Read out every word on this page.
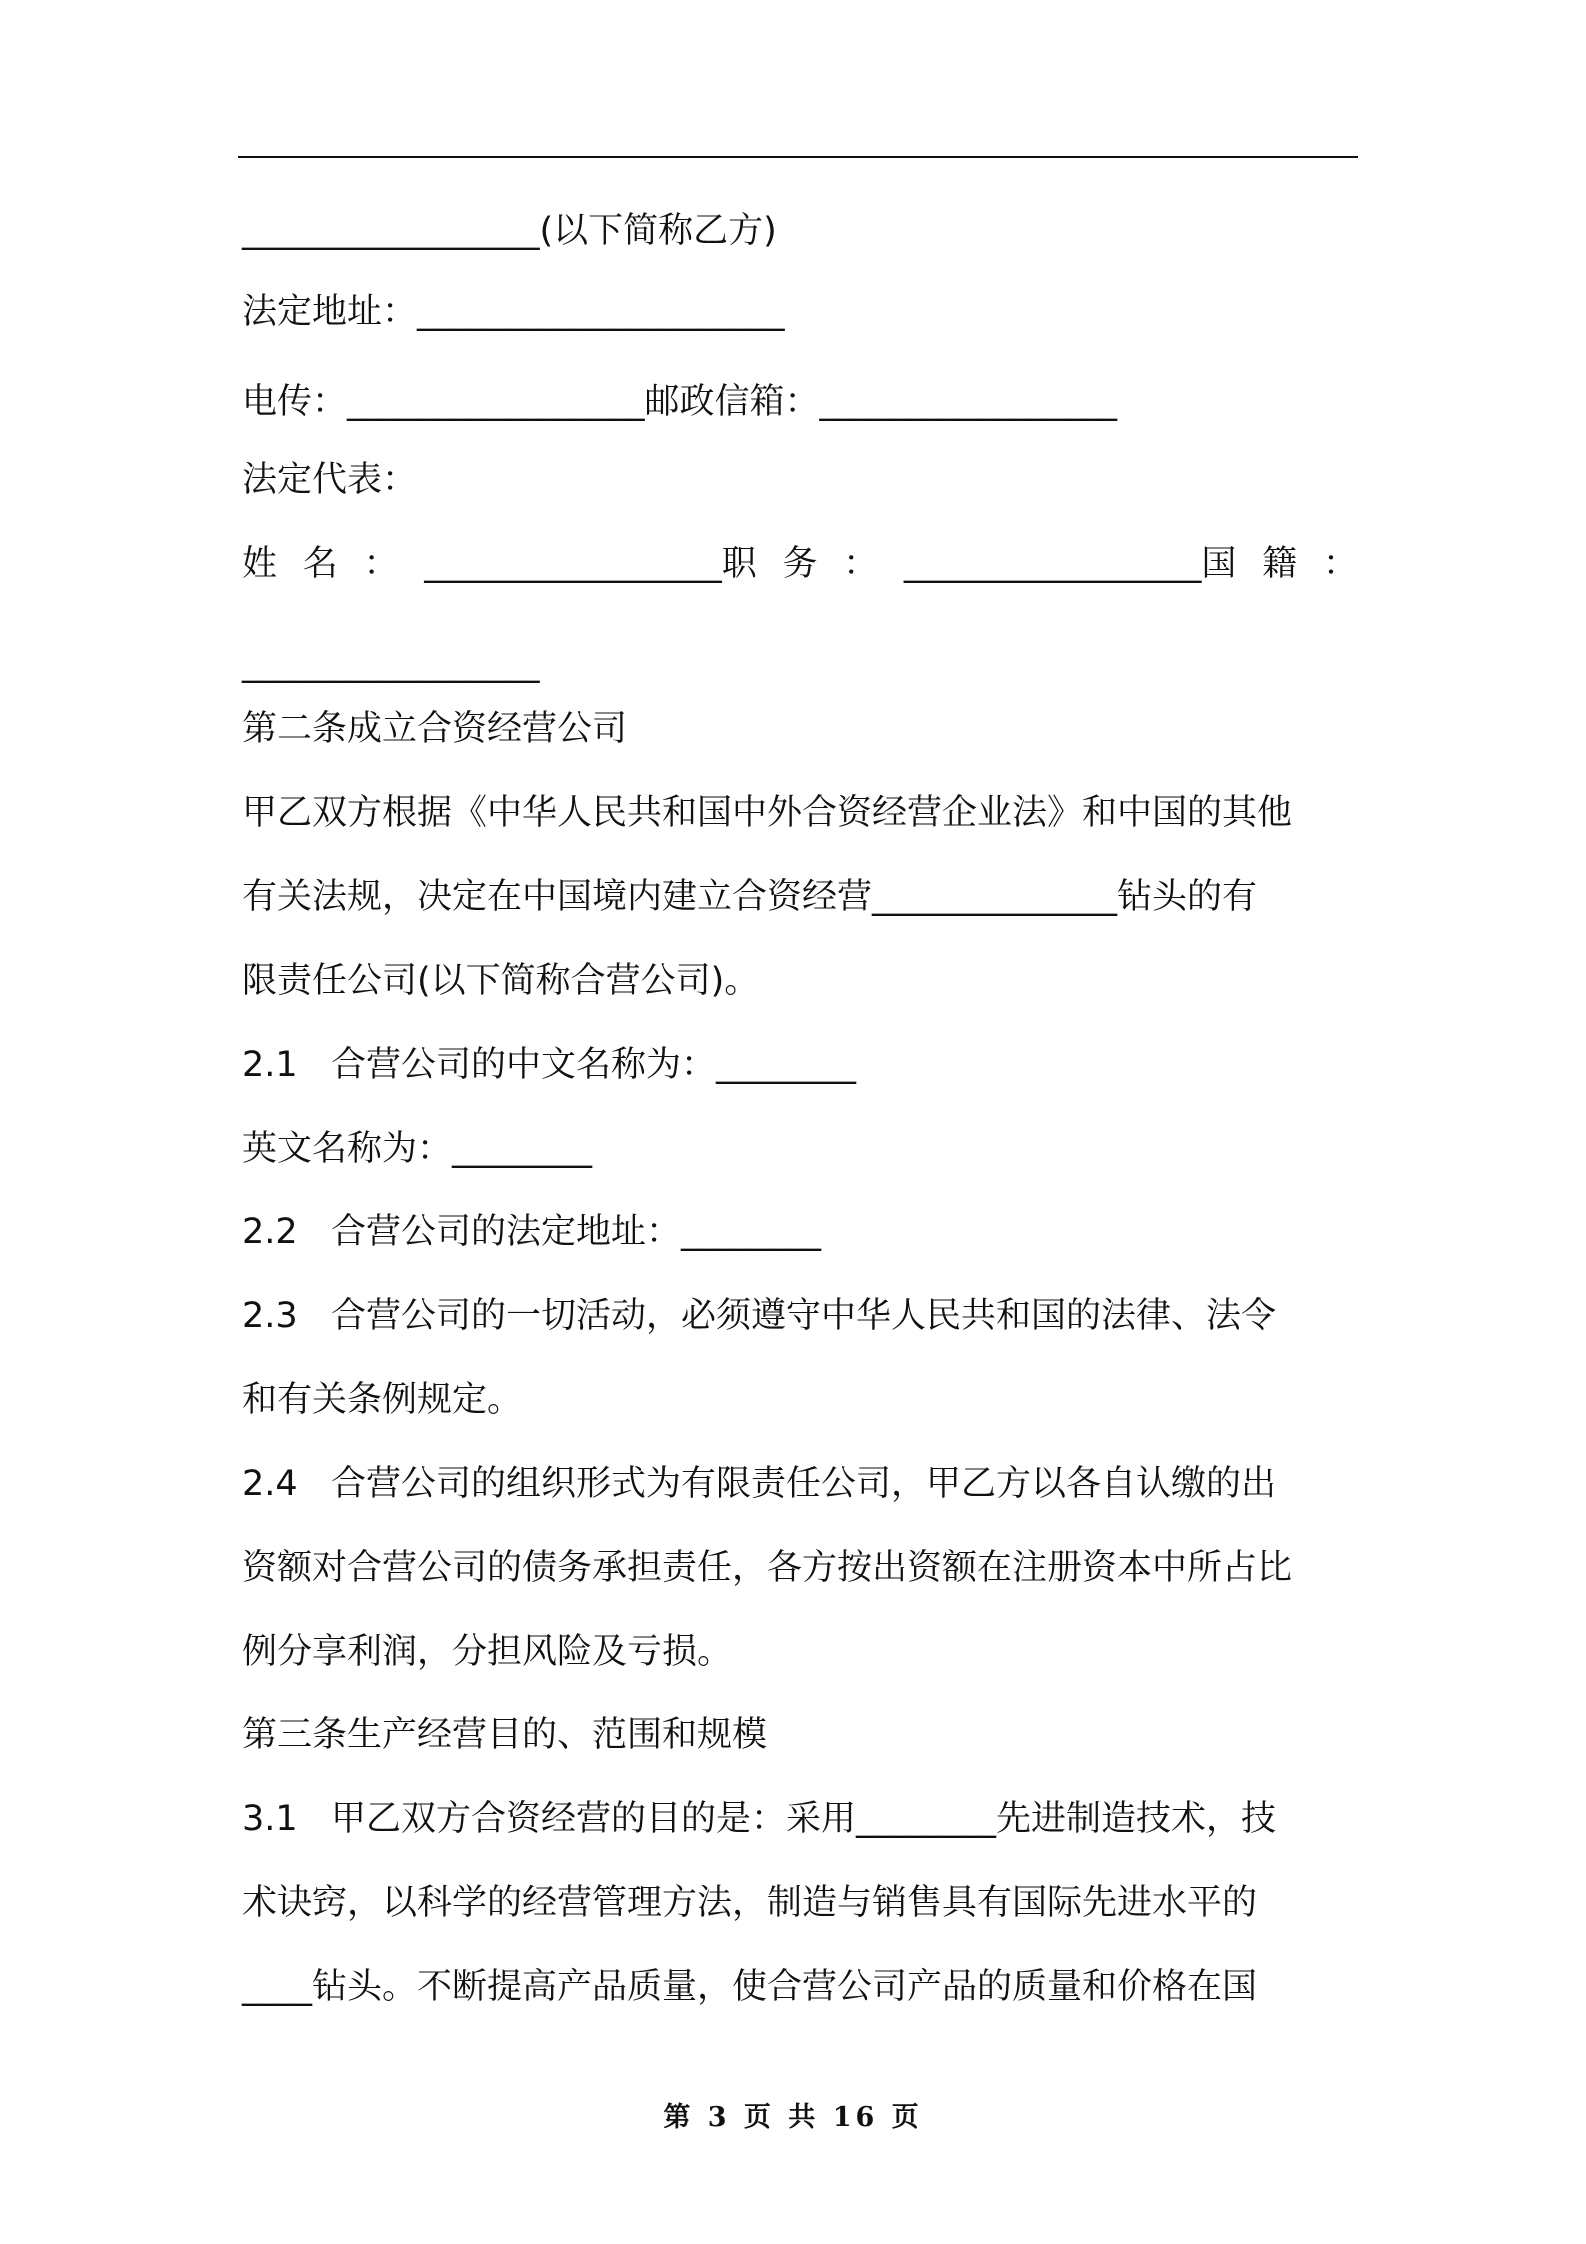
_________________(以下简称乙方)
法定地址：_____________________
电传：_________________邮政信箱：_________________
法定代表：
姓 名 ： _________________职 务 ： _________________国 籍 ：
_________________
第二条成立合资经营公司
甲乙双方根据《中华人民共和国中外合资经营企业法》和中国的其他
有关法规，决定在中国境内建立合资经营______________钻头的有
限责任公司(以下简称合营公司)。
2.1   合营公司的中文名称为：________
英文名称为：________
2.2   合营公司的法定地址：________
2.3   合营公司的一切活动，必须遵守中华人民共和国的法律、法令
和有关条例规定。
2.4   合营公司的组织形式为有限责任公司，甲乙方以各自认缴的出
资额对合营公司的债务承担责任，各方按出资额在注册资本中所占比
例分享利润，分担风险及亏损。
第三条生产经营目的、范围和规模
3.1   甲乙双方合资经营的目的是：采用________先进制造技术，技
术诀窍，以科学的经营管理方法，制造与销售具有国际先进水平的
____钻头。不断提高产品质量，使合营公司产品的质量和价格在国
第 3 页 共 16 页
